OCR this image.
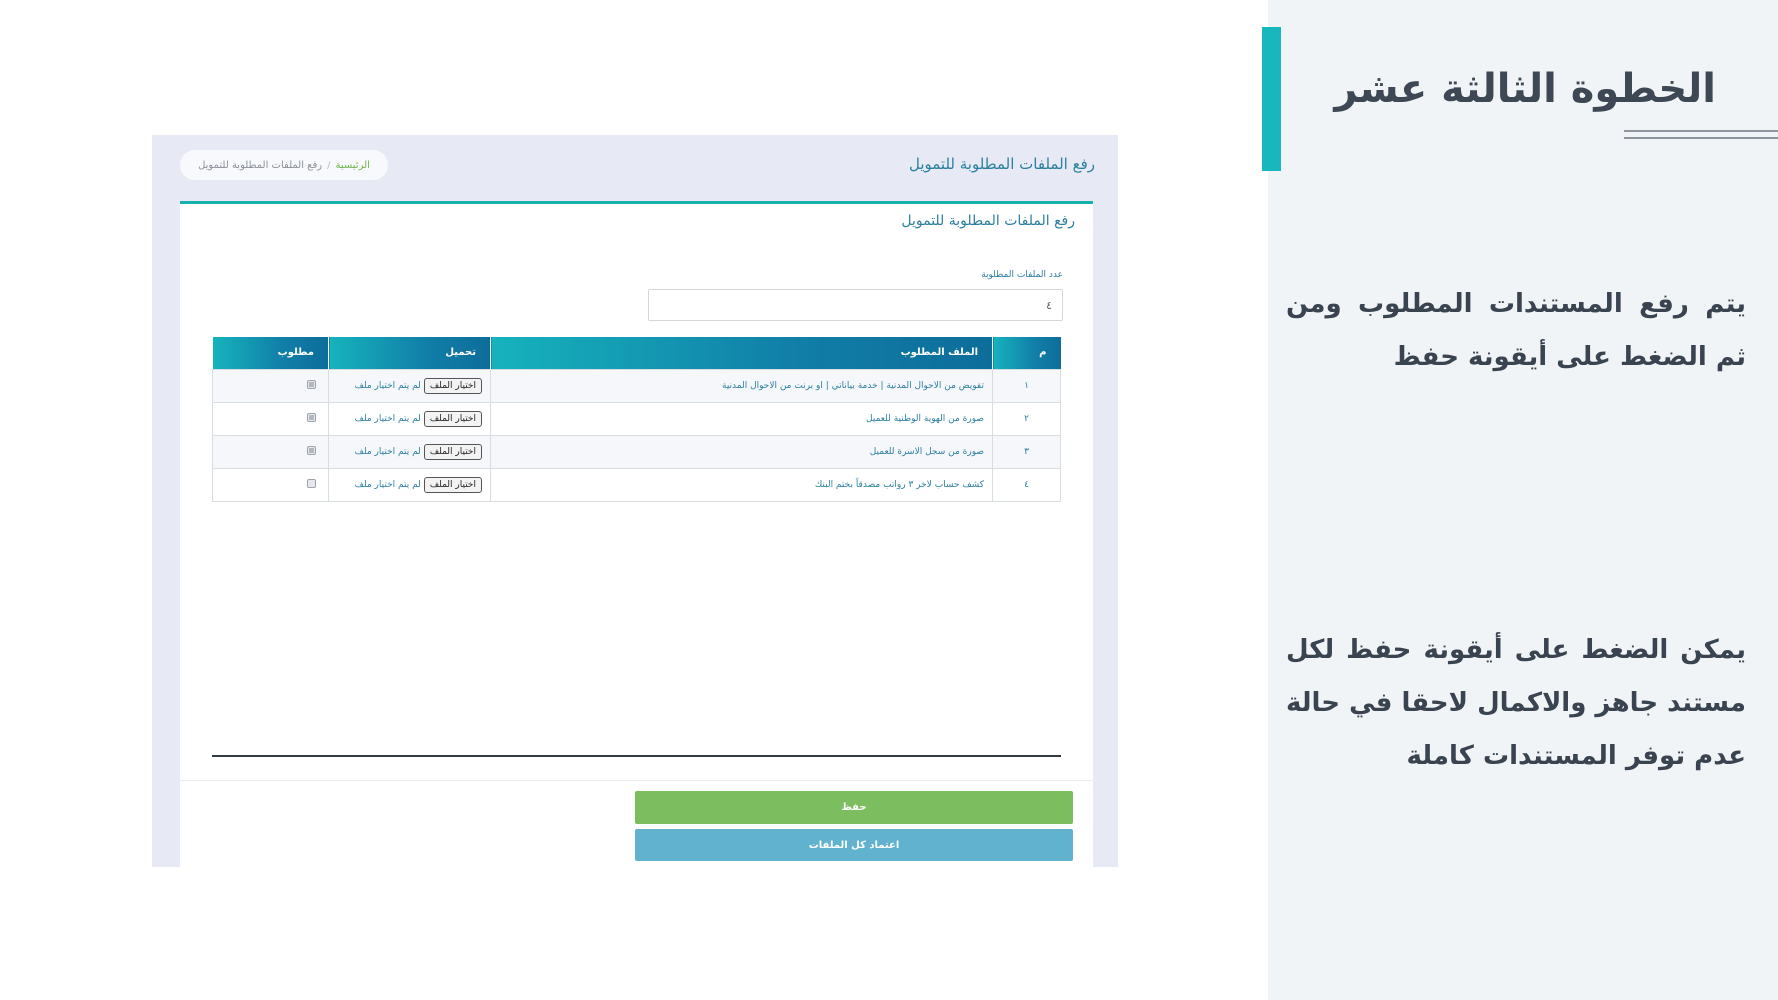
الخطوة الثالثة عشر

يتم رفع المستندات المطلوب ومن ثم الضغط على أيقونة حفظ

يمكن الضغط على أيقونة حفظ لكل مستند جاهز والاكمال لاحقا في حالة عدم توفر المستندات كاملة

رفع الملفات المطلوبة للتمويل
الرئيسية
/
رفع الملفات المطلوبة للتمويل
رفع الملفات المطلوبة للتمويل
عدد الملفات المطلوبة
٤
م	الملف المطلوب	تحميل	مطلوب
١	تفويض من الاحوال المدنية | خدمة بياناتي | او برنت من الاحوال المدنية	اختيار الملفلم يتم اختيار ملف	
٢	صورة من الهوية الوطنية للعميل	اختيار الملفلم يتم اختيار ملف	
٣	صورة من سجل الاسرة للعميل	اختيار الملفلم يتم اختيار ملف	
٤	كشف حساب لاخر ٣ رواتب مصدقاً بختم البنك	اختيار الملفلم يتم اختيار ملف	
حفظ
اعتماد كل الملفات
